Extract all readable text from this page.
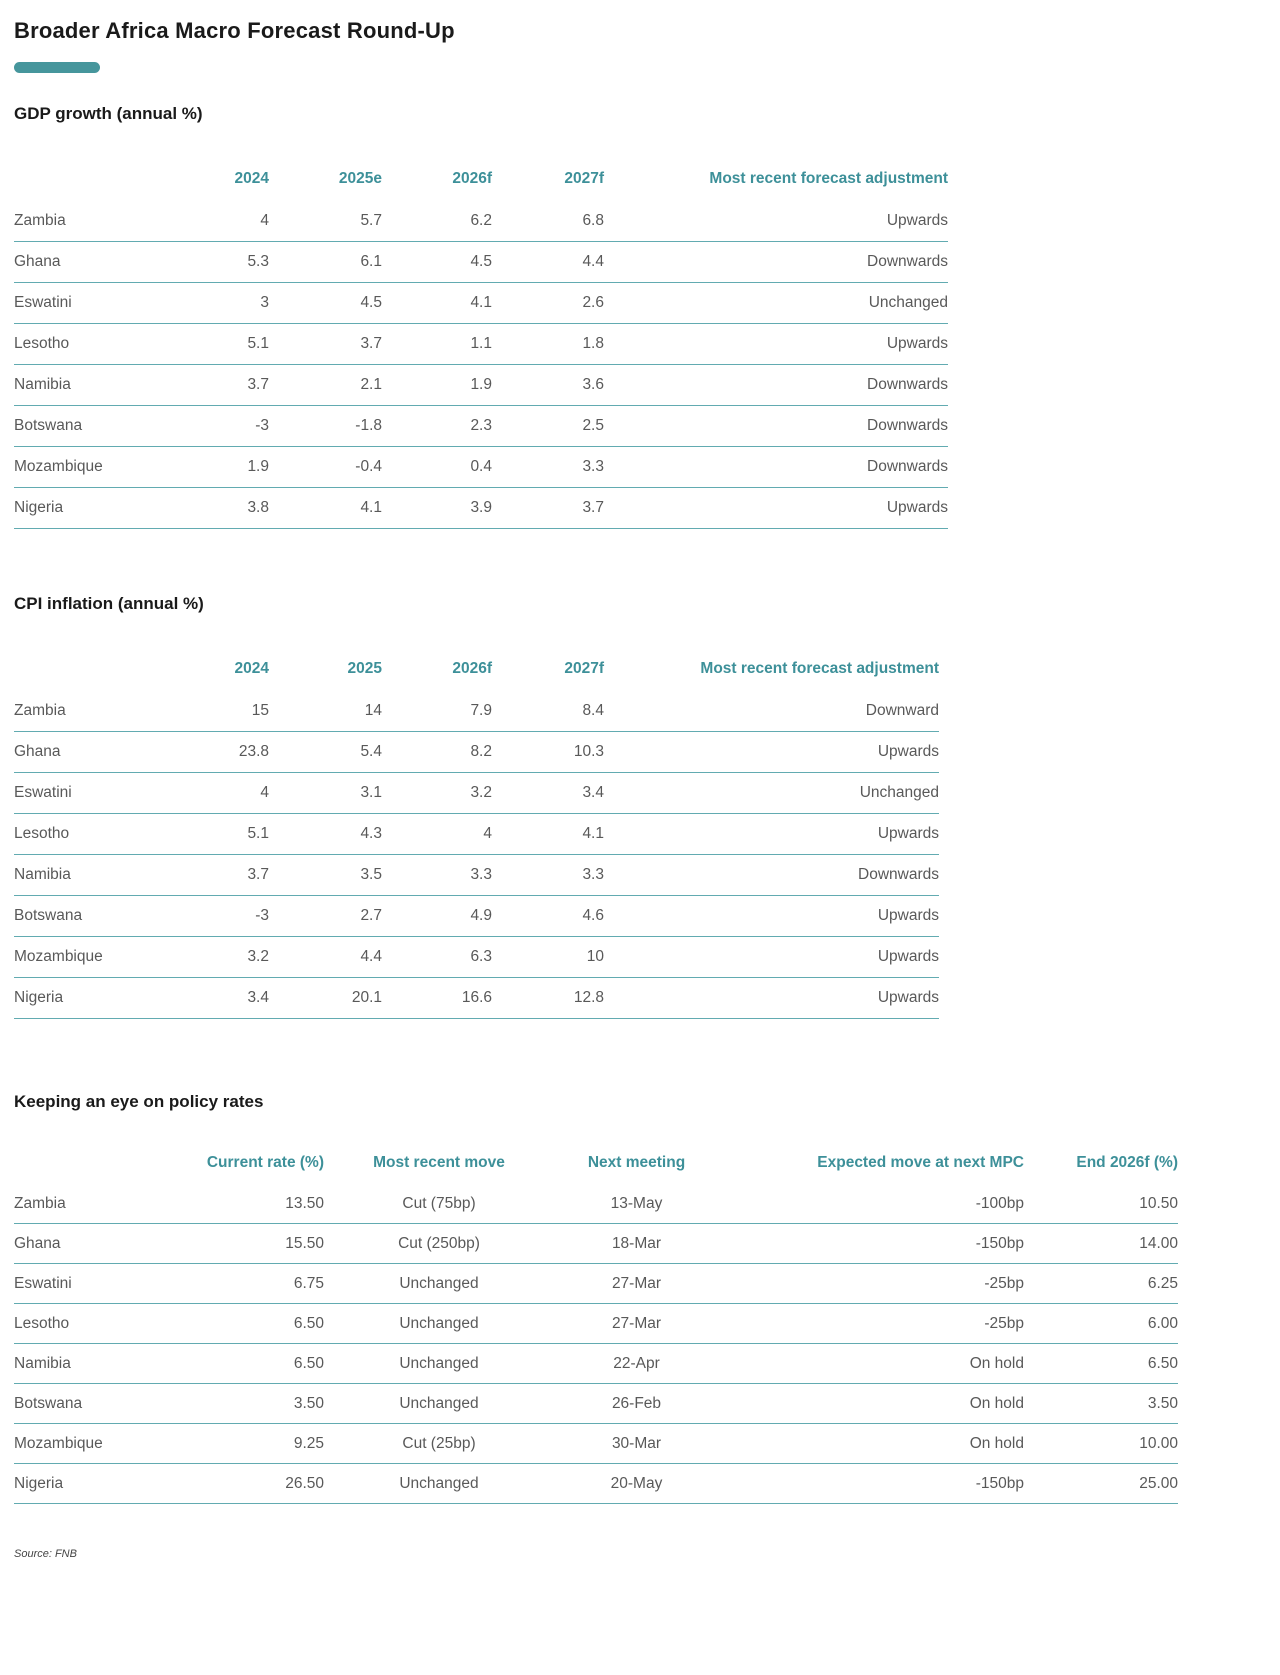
Broader Africa Macro Forecast Round-Up
GDP growth (annual %)
	2024	2025e	2026f	2027f	Most recent forecast adjustment
Zambia	4	5.7	6.2	6.8	Upwards
Ghana	5.3	6.1	4.5	4.4	Downwards
Eswatini	3	4.5	4.1	2.6	Unchanged
Lesotho	5.1	3.7	1.1	1.8	Upwards
Namibia	3.7	2.1	1.9	3.6	Downwards
Botswana	-3	-1.8	2.3	2.5	Downwards
Mozambique	1.9	-0.4	0.4	3.3	Downwards
Nigeria	3.8	4.1	3.9	3.7	Upwards
CPI inflation (annual %)
	2024	2025	2026f	2027f	Most recent forecast adjustment
Zambia	15	14	7.9	8.4	Downward
Ghana	23.8	5.4	8.2	10.3	Upwards
Eswatini	4	3.1	3.2	3.4	Unchanged
Lesotho	5.1	4.3	4	4.1	Upwards
Namibia	3.7	3.5	3.3	3.3	Downwards
Botswana	-3	2.7	4.9	4.6	Upwards
Mozambique	3.2	4.4	6.3	10	Upwards
Nigeria	3.4	20.1	16.6	12.8	Upwards
Keeping an eye on policy rates
	Current rate (%)	Most recent move	Next meeting	Expected move at next MPC	End 2026f (%)
Zambia	13.50	Cut (75bp)	13-May	-100bp	10.50
Ghana	15.50	Cut (250bp)	18-Mar	-150bp	14.00
Eswatini	6.75	Unchanged	27-Mar	-25bp	6.25
Lesotho	6.50	Unchanged	27-Mar	-25bp	6.00
Namibia	6.50	Unchanged	22-Apr	On hold	6.50
Botswana	3.50	Unchanged	26-Feb	On hold	3.50
Mozambique	9.25	Cut (25bp)	30-Mar	On hold	10.00
Nigeria	26.50	Unchanged	20-May	-150bp	25.00
Source: FNB
